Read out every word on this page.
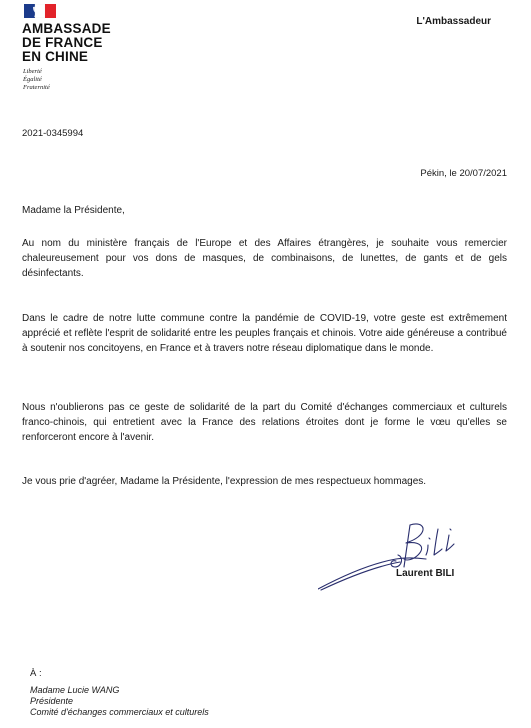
AMBASSADE
DE FRANCE
EN CHINE
Liberté
Égalité
Fraternité
L'Ambassadeur
2021-0345994
Pékin, le 20/07/2021
Madame la Présidente,
Au nom du ministère français de l'Europe et des Affaires étrangères, je souhaite vous remercier chaleureusement pour vos dons de masques, de combinaisons, de lunettes, de gants et de gels désinfectants.
Dans le cadre de notre lutte commune contre la pandémie de COVID-19, votre geste est extrêmement apprécié et reflète l'esprit de solidarité entre les peuples français et chinois. Votre aide généreuse a contribué à soutenir nos concitoyens, en France et à travers notre réseau diplomatique dans le monde.
Nous n'oublierons pas ce geste de solidarité de la part du Comité d'échanges commerciaux et culturels franco-chinois, qui entretient avec la France des relations étroites dont je forme le vœu qu'elles se renforceront encore à l'avenir.
Je vous prie d'agréer, Madame la Présidente, l'expression de mes respectueux hommages.
Laurent BILI
À :
Madame Lucie WANG
Présidente
Comité d'échanges commerciaux et culturels
